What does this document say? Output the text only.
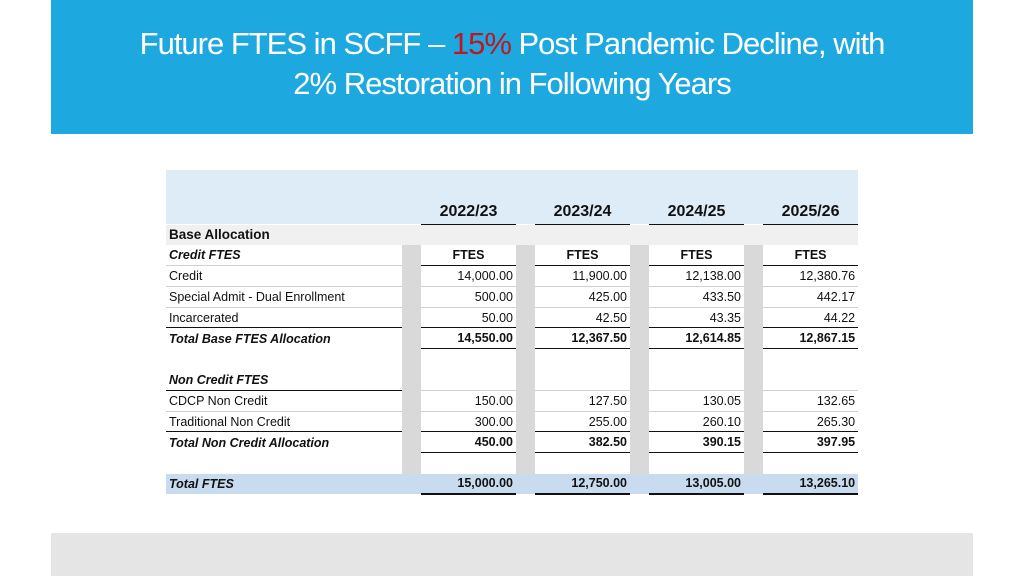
Future FTES in SCFF – 15% Post Pandemic Decline, with
2% Restoration in Following Years

		2022/23		2023/24		2024/25		2025/26
Base Allocation								
Credit FTES		FTES		FTES		FTES		FTES
Credit		14,000.00		11,900.00		12,138.00		12,380.76
Special Admit - Dual Enrollment		500.00		425.00		433.50		442.17
Incarcerated		50.00		42.50		43.35		44.22
Total Base FTES Allocation		14,550.00		12,367.50		12,614.85		12,867.15

Non Credit FTES								
CDCP Non Credit		150.00		127.50		130.05		132.65
Traditional Non Credit		300.00		255.00		260.10		265.30
Total Non Credit Allocation		450.00		382.50		390.15		397.95

Total FTES		15,000.00		12,750.00		13,005.00		13,265.10
